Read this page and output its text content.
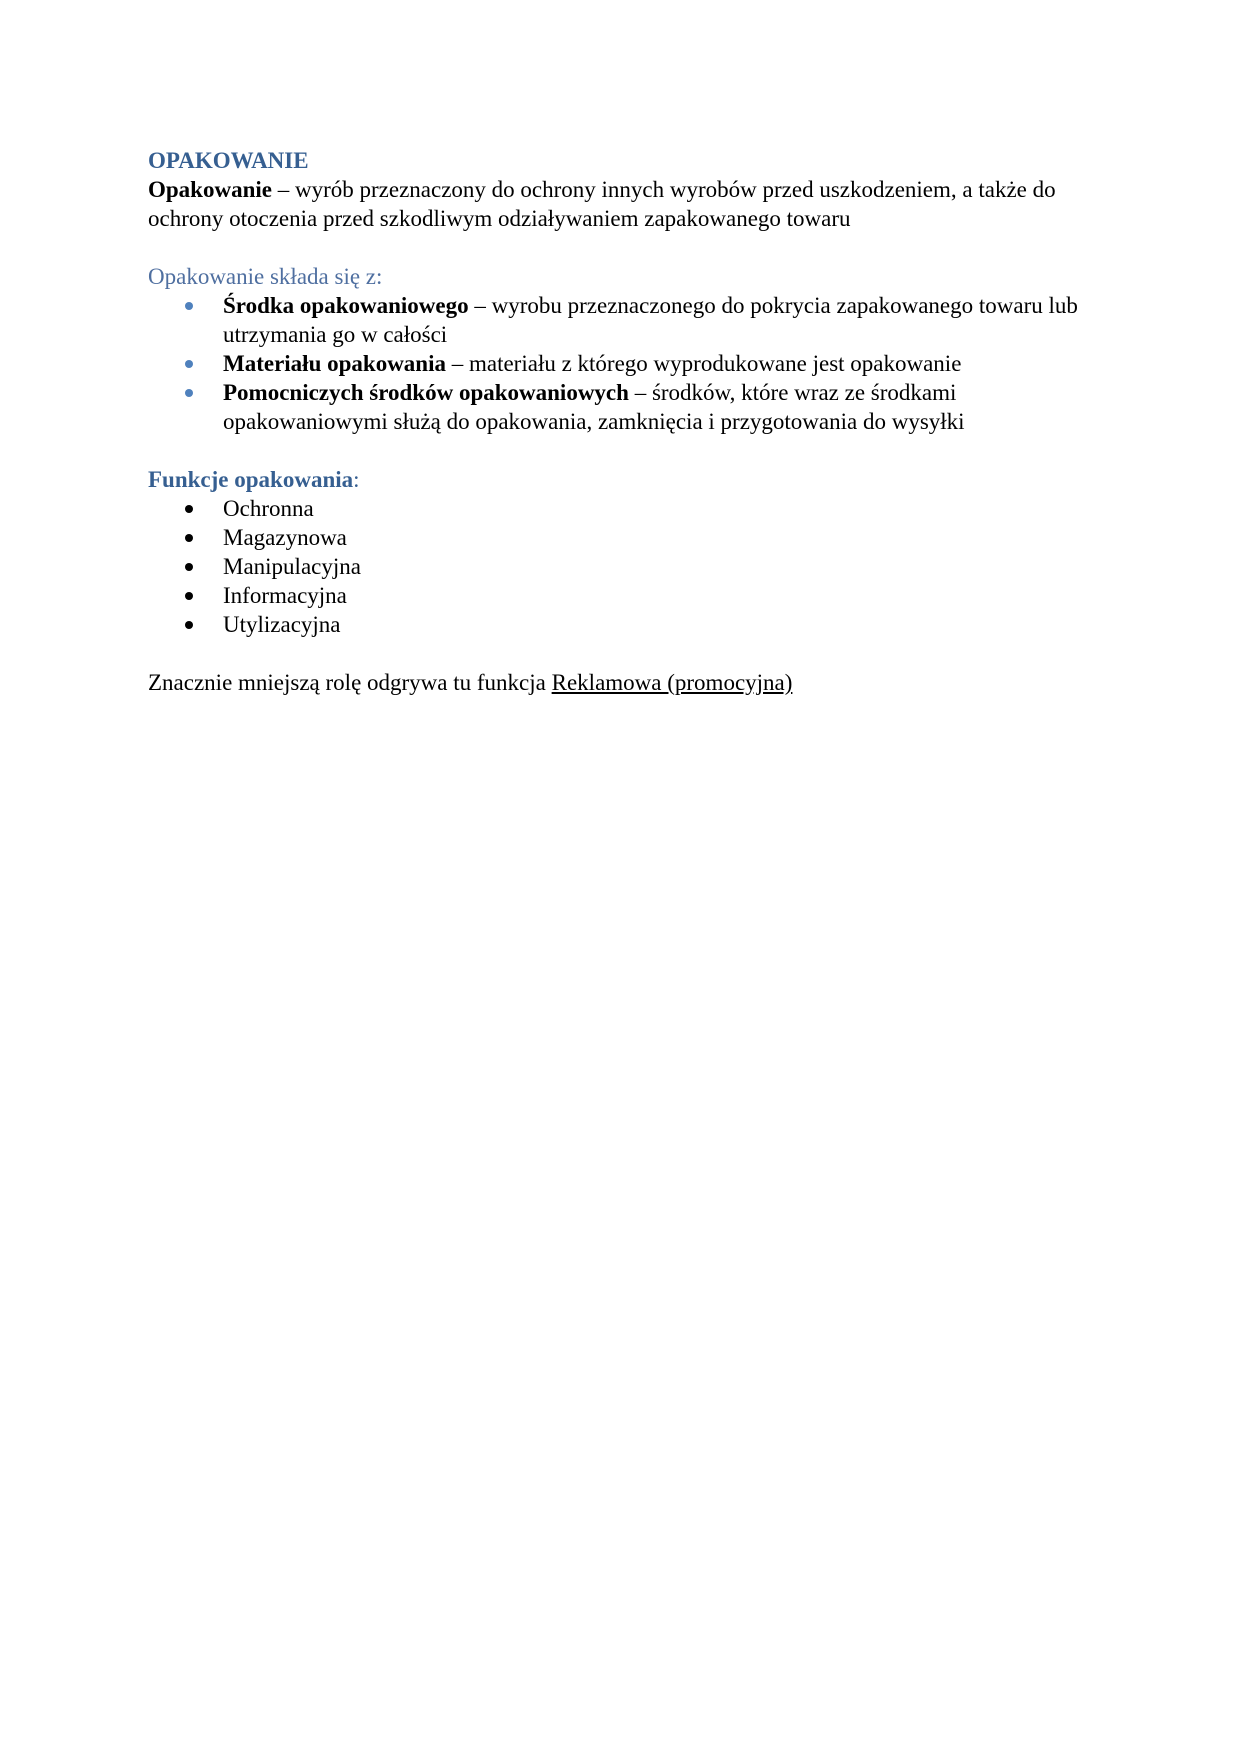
OPAKOWANIE

Opakowanie – wyrób przeznaczony do ochrony innych wyrobów przed uszkodzeniem, a także do ochrony otoczenia przed szkodliwym odziaływaniem zapakowanego towaru

Opakowanie składa się z:

Środka opakowaniowego – wyrobu przeznaczonego do pokrycia zapakowanego towaru lub utrzymania go w całości
Materiału opakowania – materiału z którego wyprodukowane jest opakowanie
Pomocniczych środków opakowaniowych – środków, które wraz ze środkami opakowaniowymi służą do opakowania, zamknięcia i przygotowania do wysyłki

Funkcje opakowania:

Ochronna
Magazynowa
Manipulacyjna
Informacyjna
Utylizacyjna

Znacznie mniejszą rolę odgrywa tu funkcja Reklamowa (promocyjna)
